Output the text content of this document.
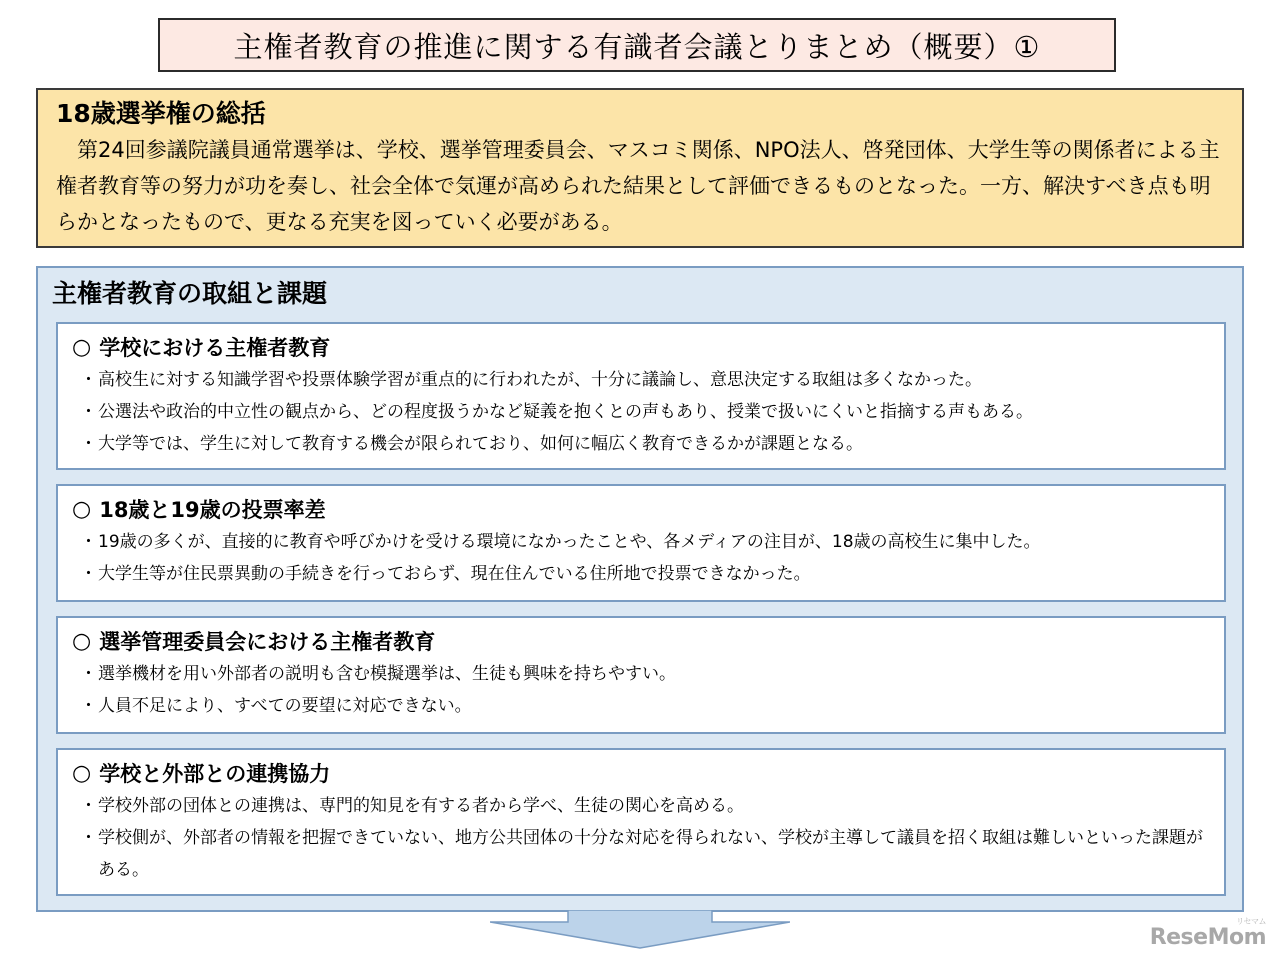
主権者教育の推進に関する有識者会議とりまとめ（概要）①

18歳選挙権の総括

第24回参議院議員通常選挙は、学校、選挙管理委員会、マスコミ関係、NPO法人、啓発団体、大学生等の関係者による主権者教育等の努力が功を奏し、社会全体で気運が高められた結果として評価できるものとなった。一方、解決すべき点も明らかとなったもので、更なる充実を図っていく必要がある。

主権者教育の取組と課題

○ 学校における主権者教育

・ 高校生に対する知識学習や投票体験学習が重点的に行われたが、十分に議論し、意思決定する取組は多くなかった。
・ 公選法や政治的中立性の観点から、どの程度扱うかなど疑義を抱くとの声もあり、授業で扱いにくいと指摘する声もある。
・ 大学等では、学生に対して教育する機会が限られており、如何に幅広く教育できるかが課題となる。

○ 18歳と19歳の投票率差

・ 19歳の多くが、直接的に教育や呼びかけを受ける環境になかったことや、各メディアの注目が、18歳の高校生に集中した。
・ 大学生等が住民票異動の手続きを行っておらず、現在住んでいる住所地で投票できなかった。

○ 選挙管理委員会における主権者教育

・ 選挙機材を用い外部者の説明も含む模擬選挙は、生徒も興味を持ちやすい。
・ 人員不足により、すべての要望に対応できない。

○ 学校と外部との連携協力

・ 学校外部の団体との連携は、専門的知見を有する者から学べ、生徒の関心を高める。
・ 学校側が、外部者の情報を把握できていない、地方公共団体の十分な対応を得られない、学校が主導して議員を招く取組は難しいといった課題がある。
リセマム
ReseMom
